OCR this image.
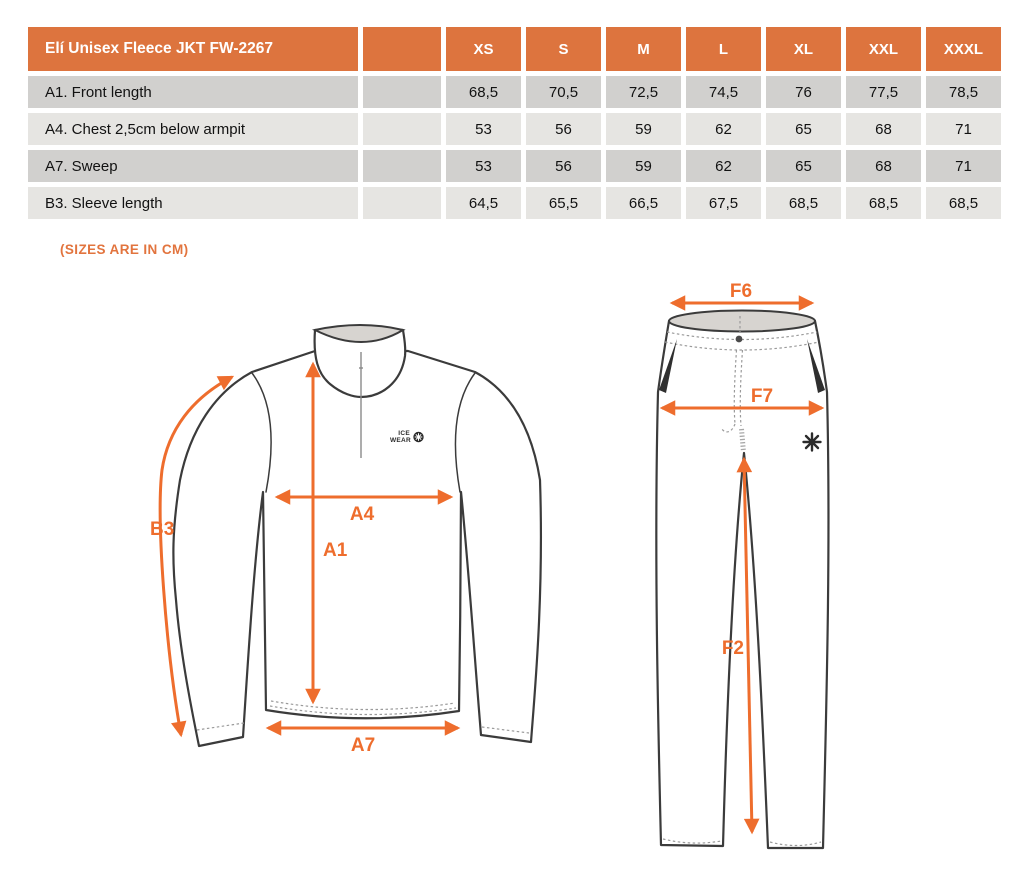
Elí Unisex Fleece JKT FW-2267		XS	S	M	L	XL	XXL	XXXL
A1. Front length		68,5	70,5	72,5	74,5	76	77,5	78,5
A4. Chest 2,5cm below armpit		53	56	59	62	65	68	71
A7. Sweep		53	56	59	62	65	68	71
B3. Sleeve length		64,5	65,5	66,5	67,5	68,5	68,5	68,5
(SIZES ARE IN CM)
ICE
WEAR
B3
A4
A1
A7
F6
F7
F2
